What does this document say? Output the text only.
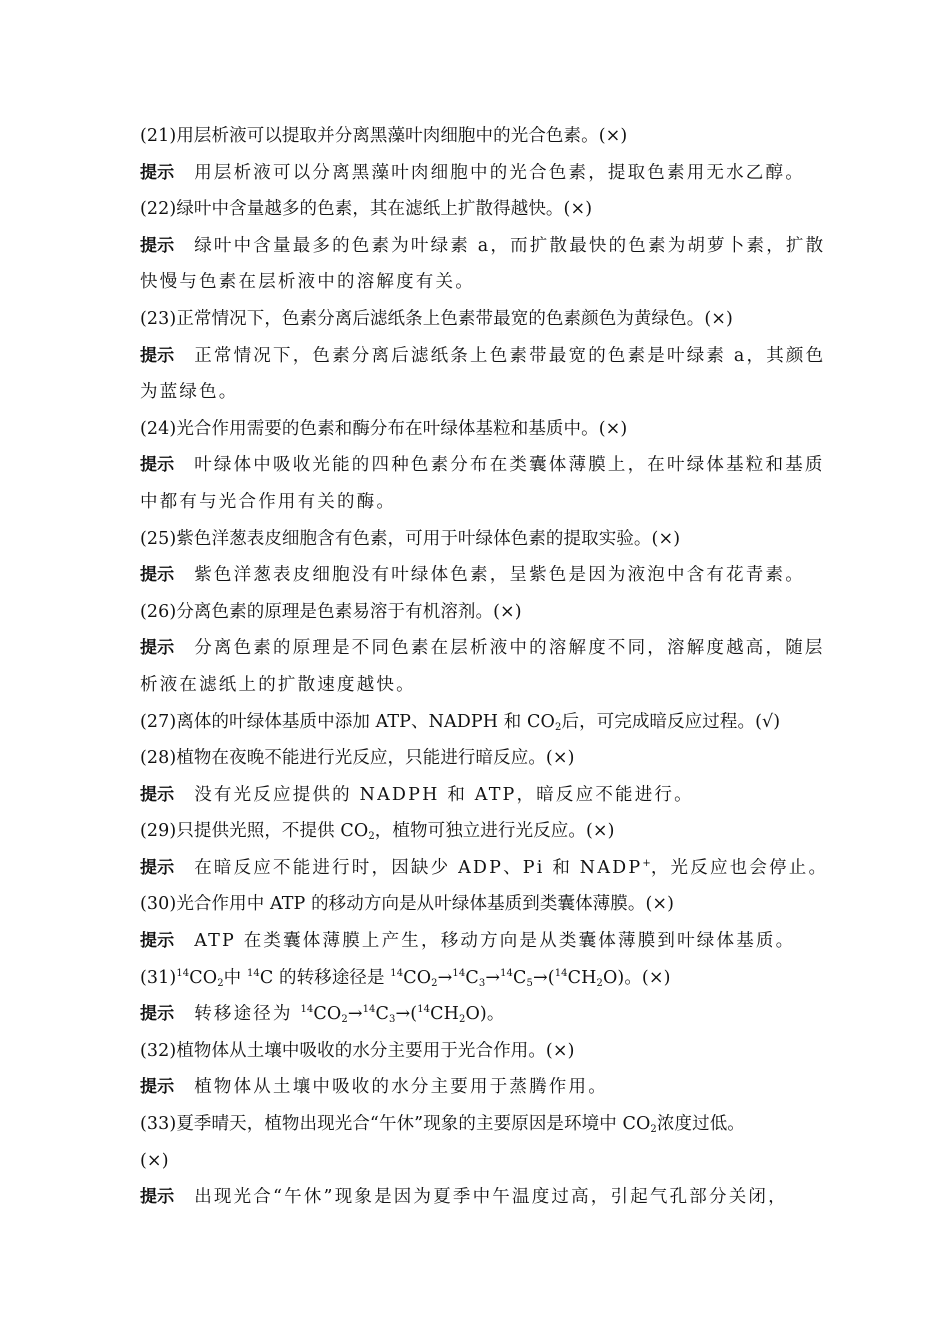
(21)用层析液可以提取并分离黑藻叶肉细胞中的光合色素。(×)
提示 用层析液可以分离黑藻叶肉细胞中的光合色素，提取色素用无水乙醇。
(22)绿叶中含量越多的色素，其在滤纸上扩散得越快。(×)
提示 绿叶中含量最多的色素为叶绿素 a，而扩散最快的色素为胡萝卜素，扩散
快慢与色素在层析液中的溶解度有关。
(23)正常情况下，色素分离后滤纸条上色素带最宽的色素颜色为黄绿色。(×)
提示 正常情况下，色素分离后滤纸条上色素带最宽的色素是叶绿素 a，其颜色
为蓝绿色。
(24)光合作用需要的色素和酶分布在叶绿体基粒和基质中。(×)
提示 叶绿体中吸收光能的四种色素分布在类囊体薄膜上，在叶绿体基粒和基质
中都有与光合作用有关的酶。
(25)紫色洋葱表皮细胞含有色素，可用于叶绿体色素的提取实验。(×)
提示 紫色洋葱表皮细胞没有叶绿体色素，呈紫色是因为液泡中含有花青素。
(26)分离色素的原理是色素易溶于有机溶剂。(×)
提示 分离色素的原理是不同色素在层析液中的溶解度不同，溶解度越高，随层
析液在滤纸上的扩散速度越快。
(27)离体的叶绿体基质中添加 ATP、NADPH 和 $CO_2$后，可完成暗反应过程。(√)
(28)植物在夜晚不能进行光反应，只能进行暗反应。(×)
提示 没有光反应提供的 NADPH 和 ATP，暗反应不能进行。
(29)只提供光照，不提供 $CO_2$，植物可独立进行光反应。(×)
提示 在暗反应不能进行时，因缺少 ADP、Pi 和 NADP+，光反应也会停止。
(30)光合作用中 ATP 的移动方向是从叶绿体基质到类囊体薄膜。(×)
提示 ATP 在类囊体薄膜上产生，移动方向是从类囊体薄膜到叶绿体基质。
$(31)^{14}CO_2$中 $^{14}$C 的转移途径是 $^{14}CO_2\to^{14}C_3\to^{14}C_5\to(^{14}CH_2O)$。(×)
提示 转移途径为 $^{14}CO_2\to^{14}C_3\to(^{14}CH_2O)$。
(32)植物体从土壤中吸收的水分主要用于光合作用。(×)
提示 植物体从土壤中吸收的水分主要用于蒸腾作用。
(33)夏季晴天，植物出现光合“午休”现象的主要原因是环境中 $CO_2$浓度过低。
(×)
提示 出现光合“午休”现象是因为夏季中午温度过高，引起气孔部分关闭，
